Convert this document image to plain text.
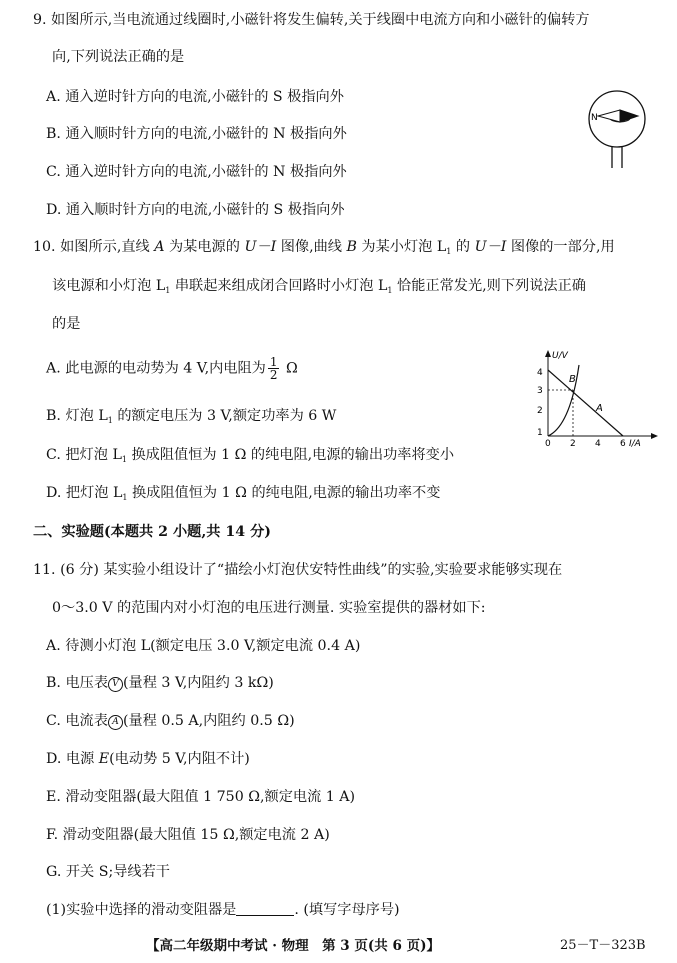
9. 如图所示,当电流通过线圈时,小磁针将发生偏转,关于线圈中电流方向和小磁针的偏转方
向,下列说法正确的是
A. 通入逆时针方向的电流,小磁针的 S 极指向外
B. 通入顺时针方向的电流,小磁针的 N 极指向外
C. 通入逆时针方向的电流,小磁针的 N 极指向外
D. 通入顺时针方向的电流,小磁针的 S 极指向外
N
10. 如图所示,直线 A 为某电源的 U－I 图像,曲线 B 为某小灯泡 $L_1$ 的 U－I 图像的一部分,用
该电源和小灯泡 $L_1$ 串联起来组成闭合回路时小灯泡 $L_1$ 恰能正常发光,则下列说法正确
的是
A. 此电源的电动势为 4 V,内电阻为 $\frac{1}{2}$ Ω
B. 灯泡 $L_1$ 的额定电压为 3 V,额定功率为 6 W
C. 把灯泡 $L_1$ 换成阻值恒为 1 Ω 的纯电阻,电源的输出功率将变小
D. 把灯泡 $L_1$ 换成阻值恒为 1 Ω 的纯电阻,电源的输出功率不变
4
3
2
1
0 2 4 6 I/A
U/V
A
B
二、实验题(本题共 2 小题,共 14 分)
11. (6 分) 某实验小组设计了“描绘小灯泡伏安特性曲线”的实验,实验要求能够实现在
0～3.0 V 的范围内对小灯泡的电压进行测量. 实验室提供的器材如下:
A. 待测小灯泡 L(额定电压 3.0 V,额定电流 0.4 A)
B. 电压表 V (量程 3 V,内阻约 3 kΩ)
C. 电流表 A (量程 0.5 A,内阻约 0.5 Ω)
D. 电源 E(电动势 5 V,内阻不计)
E. 滑动变阻器(最大阻值 1 750 Ω,额定电流 1 A)
F. 滑动变阻器(最大阻值 15 Ω,额定电流 2 A)
G. 开关 S;导线若干
(1)实验中选择的滑动变阻器是	. (填写字母序号)
【高二年级期中考试 · 物理　第 3 页(共 6 页)】	25－T－323B
